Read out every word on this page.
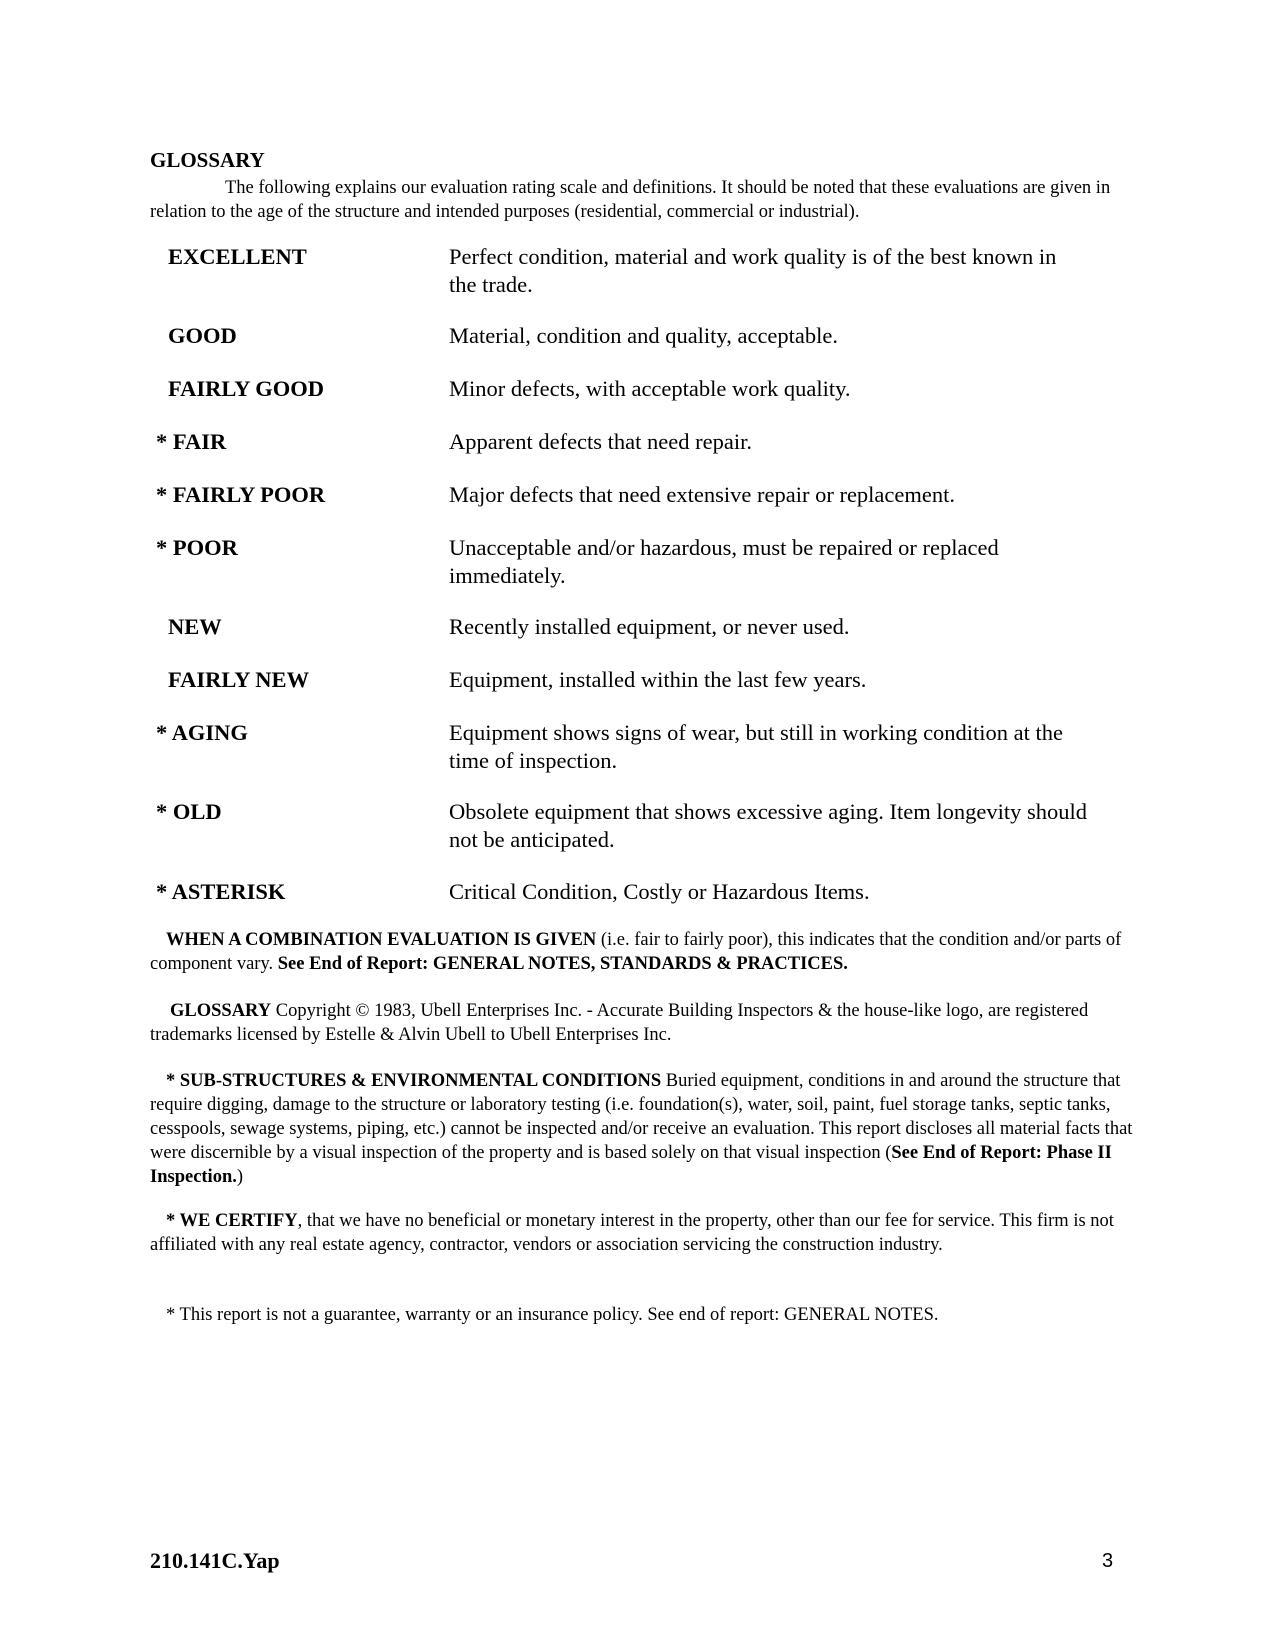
GLOSSARY

The following explains our evaluation rating scale and definitions. It should be noted that these evaluations are given in relation to the age of the structure and intended purposes (residential, commercial or industrial).

EXCELLENT	Perfect condition, material and work quality is of the best known in the trade.
GOOD	Material, condition and quality, acceptable.
FAIRLY GOOD	Minor defects, with acceptable work quality.
* FAIR	Apparent defects that need repair.
* FAIRLY POOR	Major defects that need extensive repair or replacement.
* POOR	Unacceptable and/or hazardous, must be repaired or replaced immediately.
NEW	Recently installed equipment, or never used.
FAIRLY NEW	Equipment, installed within the last few years.
* AGING	Equipment shows signs of wear, but still in working condition at the time of inspection.
* OLD	Obsolete equipment that shows excessive aging. Item longevity should not be anticipated.
* ASTERISK	Critical Condition, Costly or Hazardous Items.

WHEN A COMBINATION EVALUATION IS GIVEN (i.e. fair to fairly poor), this indicates that the condition and/or parts of component vary. See End of Report: GENERAL NOTES, STANDARDS & PRACTICES.

GLOSSARY Copyright © 1983, Ubell Enterprises Inc. - Accurate Building Inspectors & the house-like logo, are registered trademarks licensed by Estelle & Alvin Ubell to Ubell Enterprises Inc.

* SUB-STRUCTURES & ENVIRONMENTAL CONDITIONS Buried equipment, conditions in and around the structure that require digging, damage to the structure or laboratory testing (i.e. foundation(s), water, soil, paint, fuel storage tanks, septic tanks, cesspools, sewage systems, piping, etc.) cannot be inspected and/or receive an evaluation. This report discloses all material facts that were discernible by a visual inspection of the property and is based solely on that visual inspection (See End of Report: Phase II Inspection.)

* WE CERTIFY, that we have no beneficial or monetary interest in the property, other than our fee for service. This firm is not affiliated with any real estate agency, contractor, vendors or association servicing the construction industry.

* This report is not a guarantee, warranty or an insurance policy. See end of report: GENERAL NOTES.

210.141C.Yap	3
